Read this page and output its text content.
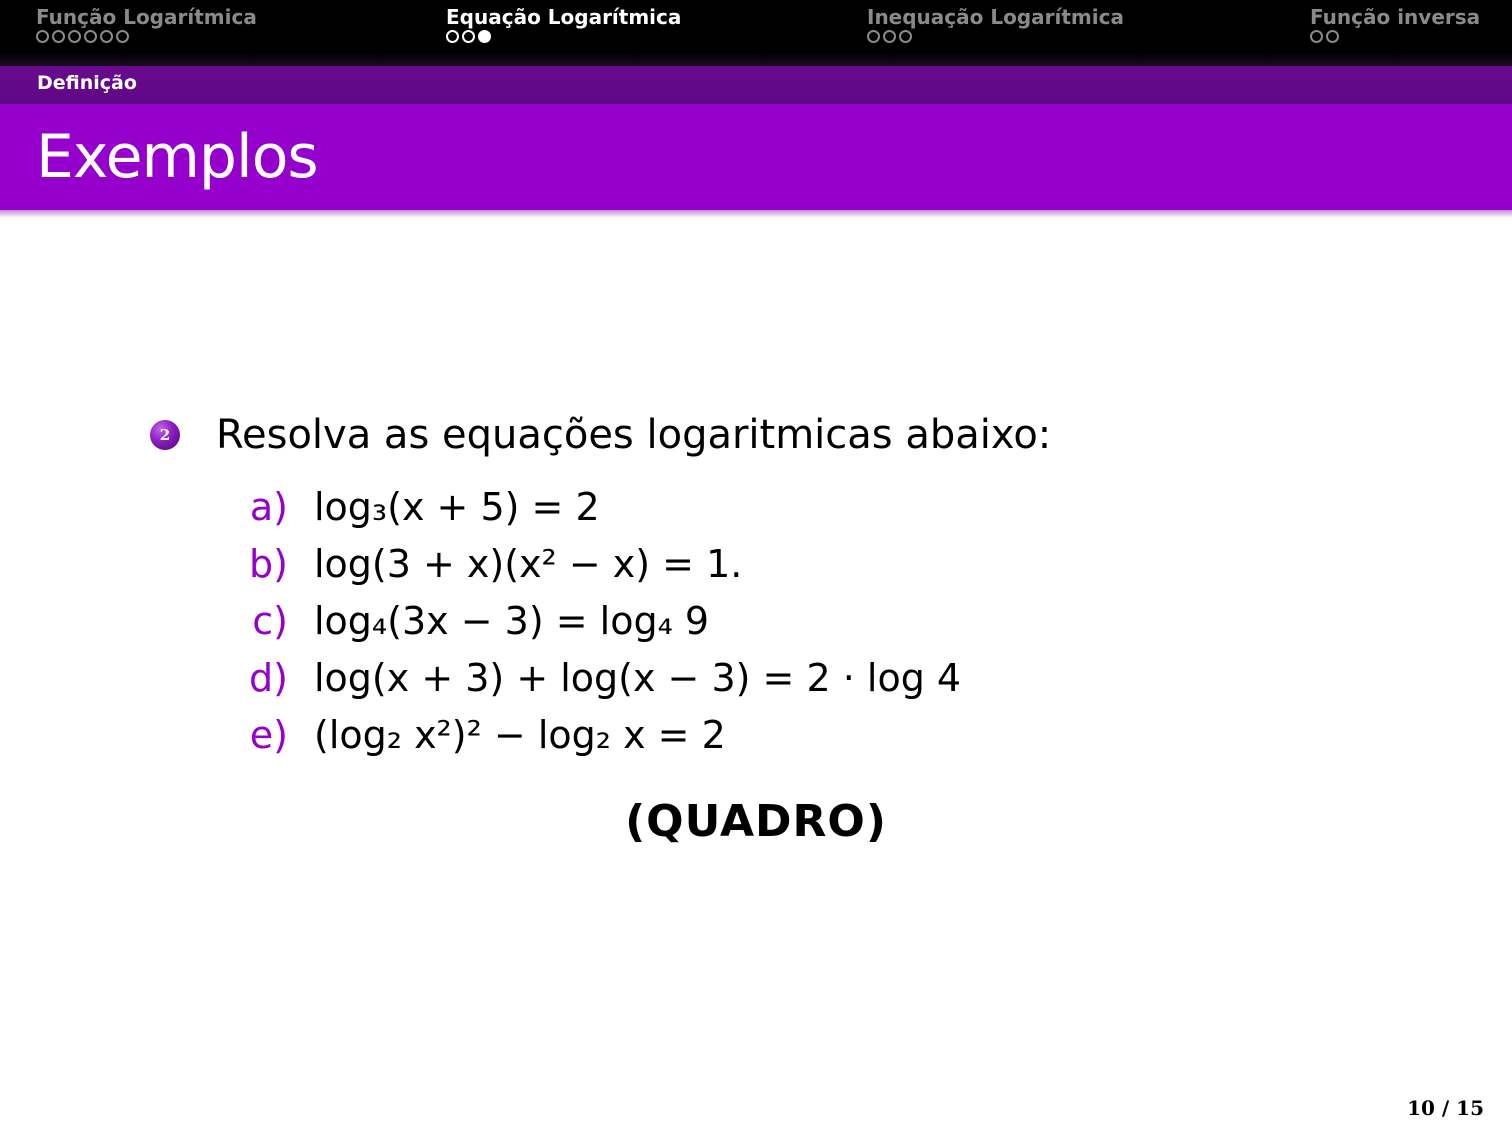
Função Logarítmica	Equação Logarítmica	Inequação Logarítmica	Função inversa
Definição
Exemplos
2 Resolva as equações logaritmicas abaixo:
a) log₃(x + 5) = 2
b) log(3 + x)(x² − x) = 1.
c) log₄(3x − 3) = log₄ 9
d) log(x + 3) + log(x − 3) = 2 · log 4
e) (log₂ x²)² − log₂ x = 2
(QUADRO)
10 / 15
